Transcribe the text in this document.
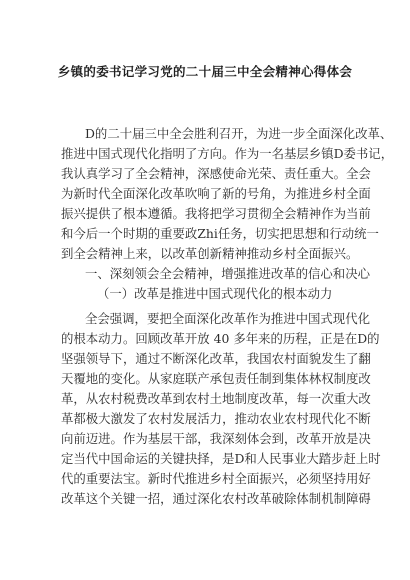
乡镇的委书记学习党的二十届三中全会精神心得体会
D的二十届三中全会胜利召开，为进一步全面深化改革、
推进中国式现代化指明了方向。作为一名基层乡镇D委书记，
我认真学习了全会精神，深感使命光荣、责任重大。全会
为新时代全面深化改革吹响了新的号角，为推进乡村全面
振兴提供了根本遵循。我将把学习贯彻全会精神作为当前
和今后一个时期的重要政Zhi任务，切实把思想和行动统一
到全会精神上来，以改革创新精神推动乡村全面振兴。
一、深刻领会全会精神，增强推进改革的信心和决心
（一）改革是推进中国式现代化的根本动力
全会强调，要把全面深化改革作为推进中国式现代化
的根本动力。回顾改革开放 40 多年来的历程，正是在D的
坚强领导下，通过不断深化改革，我国农村面貌发生了翻
天覆地的变化。从家庭联产承包责任制到集体林权制度改
革，从农村税费改革到农村土地制度改革，每一次重大改
革都极大激发了农村发展活力，推动农业农村现代化不断
向前迈进。作为基层干部，我深刻体会到，改革开放是决
定当代中国命运的关键抉择，是D和人民事业大踏步赶上时
代的重要法宝。新时代推进乡村全面振兴，必须坚持用好
改革这个关键一招，通过深化农村改革破除体制机制障碍
